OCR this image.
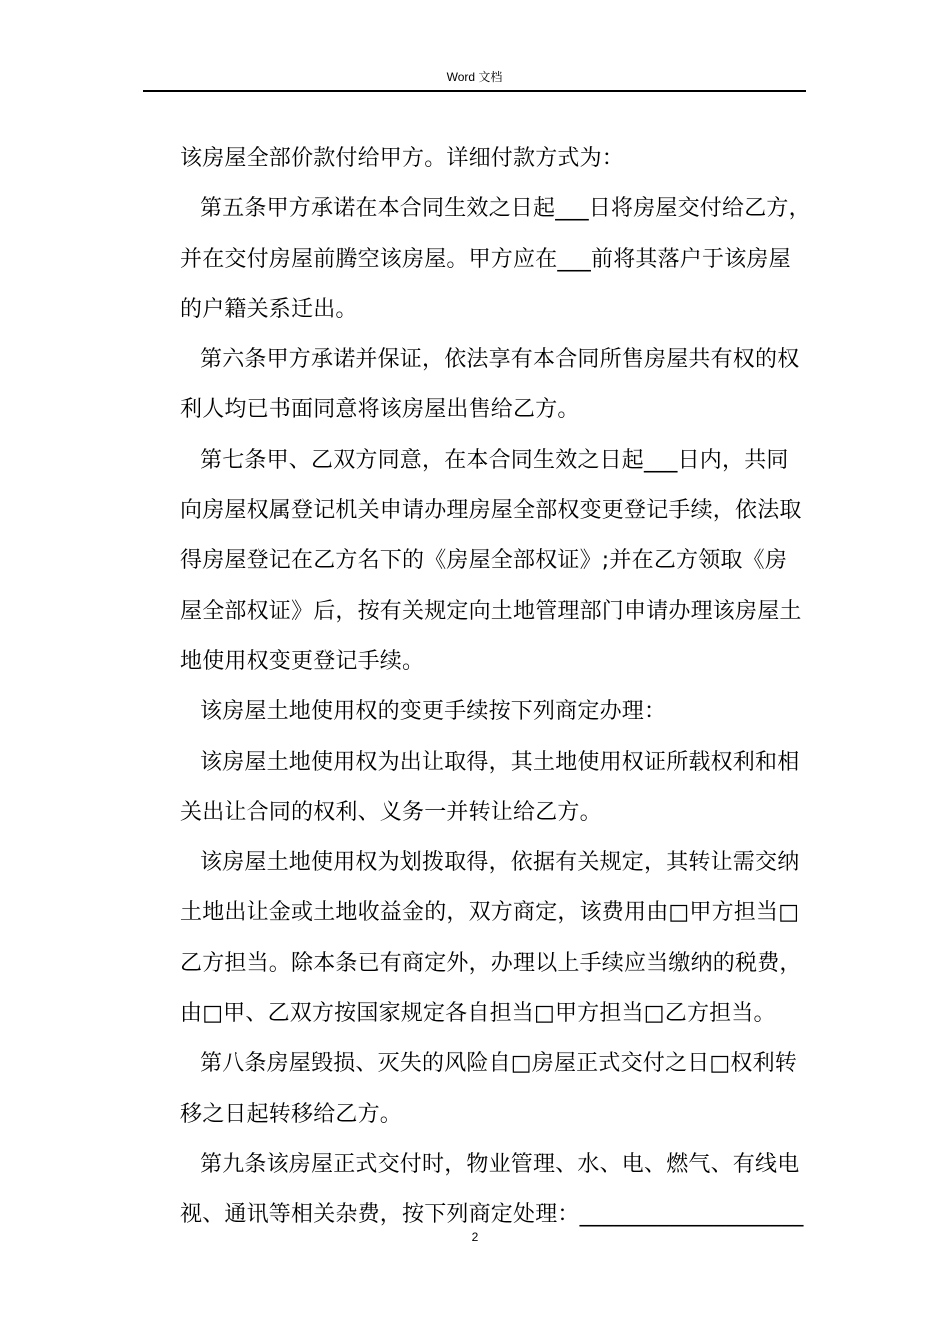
Word 文档

该房屋全部价款付给甲方。详细付款方式为：

第五条甲方承诺在本合同生效之日起___日将房屋交付给乙方，
并在交付房屋前腾空该房屋。甲方应在___前将其落户于该房屋
的户籍关系迁出。

第六条甲方承诺并保证，依法享有本合同所售房屋共有权的权
利人均已书面同意将该房屋出售给乙方。

第七条甲、乙双方同意，在本合同生效之日起___日内，共同
向房屋权属登记机关申请办理房屋全部权变更登记手续，依法取
得房屋登记在乙方名下的《房屋全部权证》;并在乙方领取《房
屋全部权证》后，按有关规定向土地管理部门申请办理该房屋土
地使用权变更登记手续。

该房屋土地使用权的变更手续按下列商定办理：

该房屋土地使用权为出让取得，其土地使用权证所载权利和相
关出让合同的权利、义务一并转让给乙方。

该房屋土地使用权为划拨取得，依据有关规定，其转让需交纳
土地出让金或土地收益金的，双方商定，该费用由□甲方担当□
乙方担当。除本条已有商定外，办理以上手续应当缴纳的税费，
由□甲、乙双方按国家规定各自担当□甲方担当□乙方担当。

第八条房屋毁损、灭失的风险自□房屋正式交付之日□权利转
移之日起转移给乙方。

第九条该房屋正式交付时，物业管理、水、电、燃气、有线电
视、通讯等相关杂费，按下列商定处理：____________________

2
